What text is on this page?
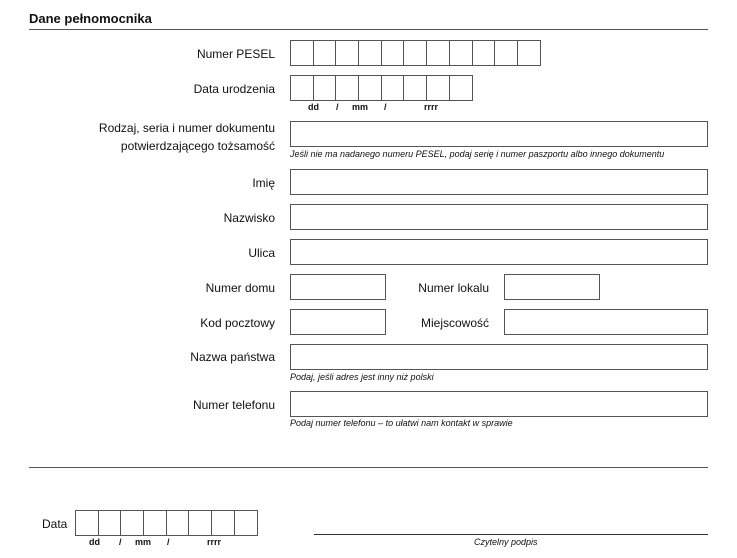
Dane pełnomocnika
Numer PESEL
Data urodzenia
dd / mm /	rrrr
Rodzaj, seria i numer dokumentu
potwierdzającego tożsamość
Jeśli nie ma nadanego numeru PESEL, podaj serię i numer paszportu albo innego dokumentu
Imię
Nazwisko
Ulica
Numer domu	Numer lokalu
Kod pocztowy	Miejscowość
Nazwa państwa
Podaj, jeśli adres jest inny niż polski
Numer telefonu
Podaj numer telefonu – to ułatwi nam kontakt w sprawie
Data
dd / mm /	rrrr	Czytelny podpis
